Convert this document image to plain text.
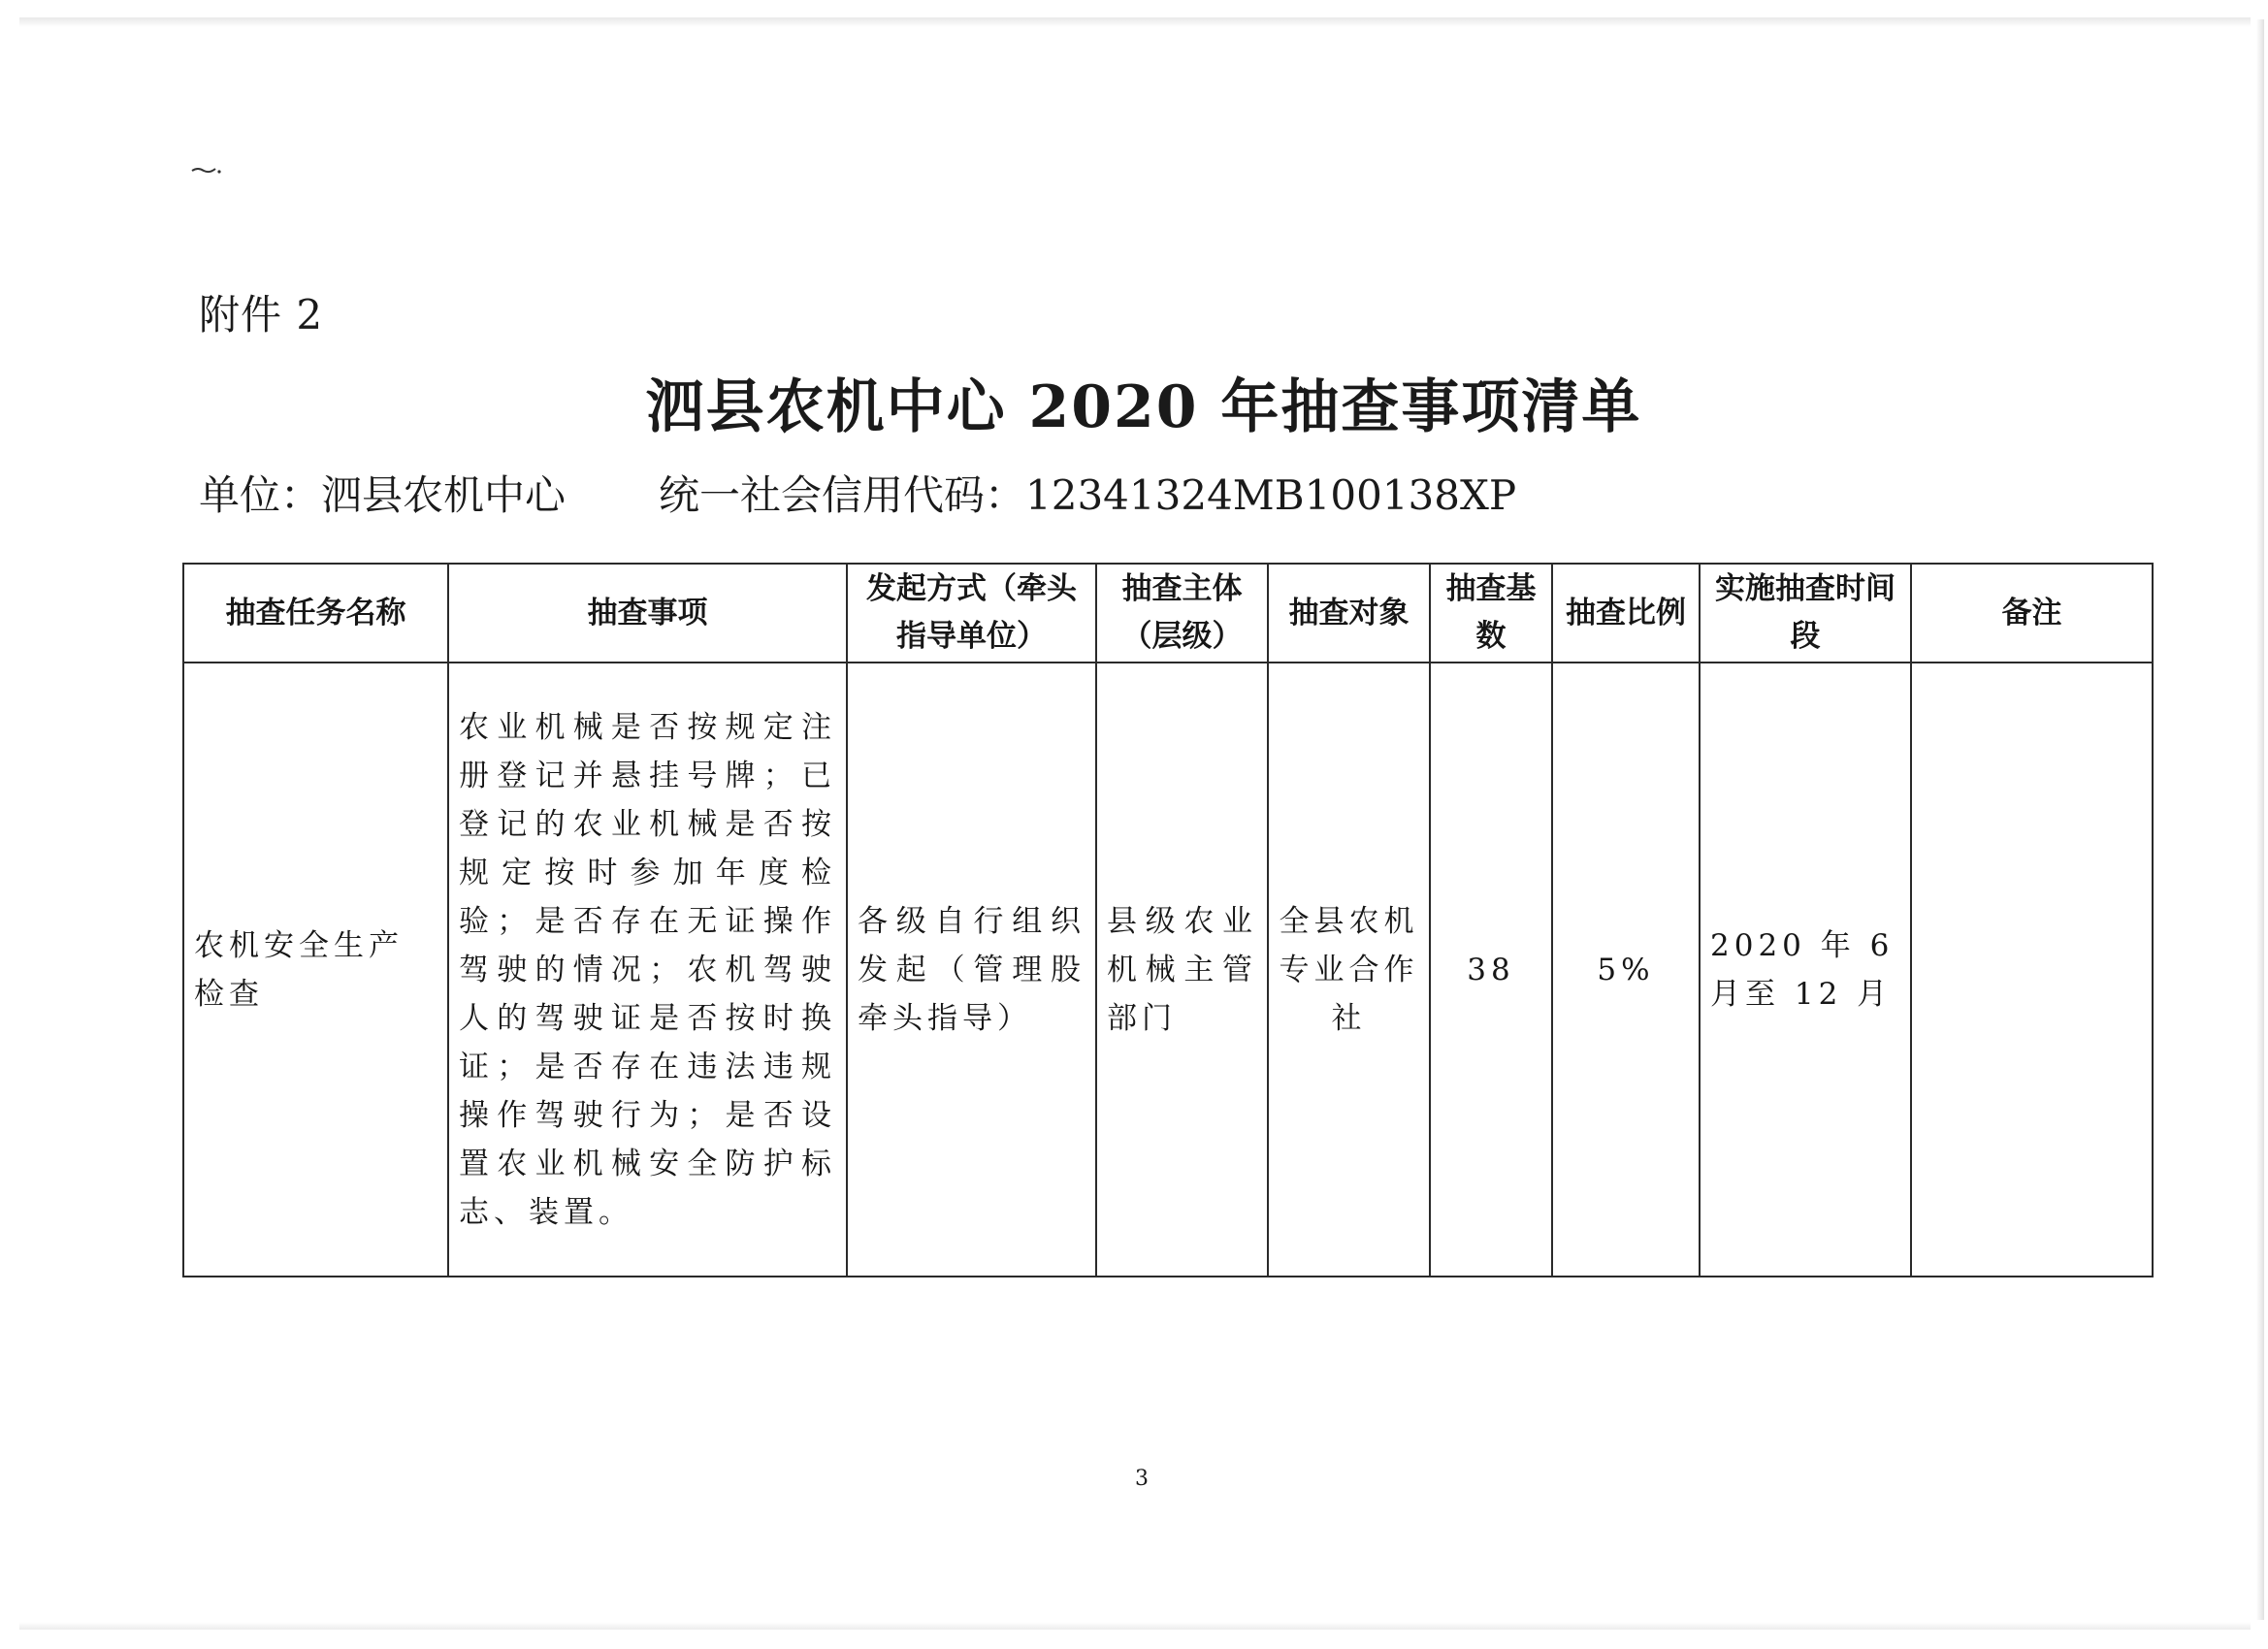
附件 2
泗县农机中心 2020 年抽查事项清单
单位：泗县农机中心 统一社会信用代码：12341324MB100138XP
抽查任务名称	抽查事项	发起方式（牵头指导单位）	抽查主体（层级）	抽查对象	抽查基数	抽查比例	实施抽查时间段	备注
农机安全生产检查	农业机械是否按规定注册登记并悬挂号牌；已登记的农业机械是否按规定按时参加年度检验；是否存在无证操作驾驶的情况；农机驾驶人的驾驶证是否按时换证；是否存在违法违规操作驾驶行为；是否设置农业机械安全防护标志、装置。	各级自行组织发起（管理股牵头指导）	县级农业机械主管部门	全县农机专业合作社	38	5%	2020 年 6 月至 12 月	
3
